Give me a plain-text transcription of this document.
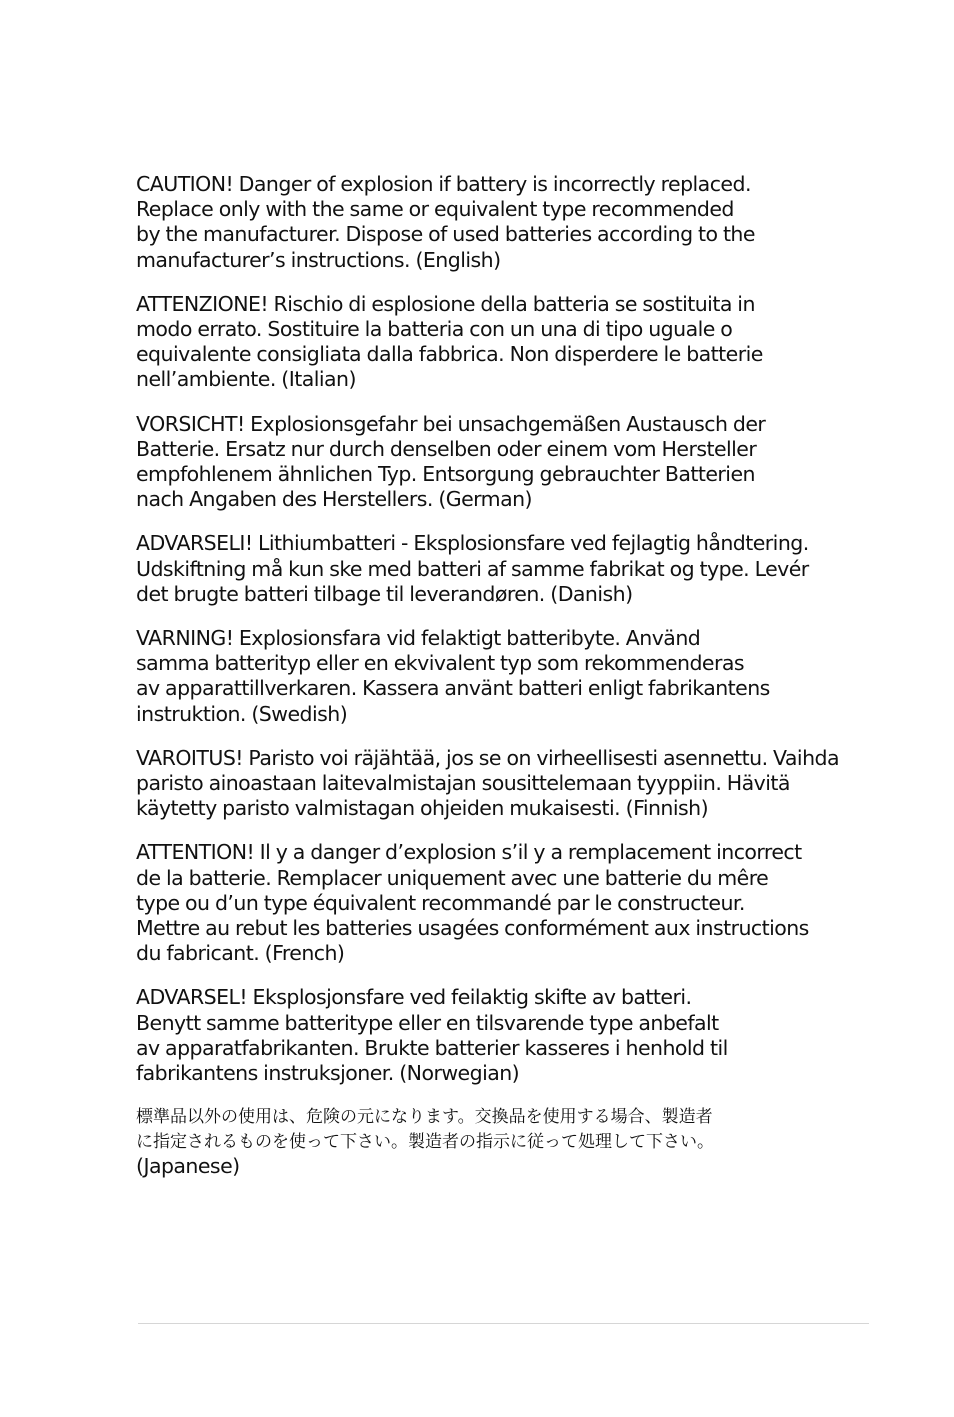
CAUTION! Danger of explosion if battery is incorrectly replaced.
Replace only with the same or equivalent type recommended
by the manufacturer. Dispose of used batteries according to the
manufacturer’s instructions. (English)

ATTENZIONE! Rischio di esplosione della batteria se sostituita in
modo errato. Sostituire la batteria con un una di tipo uguale o
equivalente consigliata dalla fabbrica. Non disperdere le batterie
nell’ambiente. (Italian)

VORSICHT! Explosionsgefahr bei unsachgemäßen Austausch der
Batterie. Ersatz nur durch denselben oder einem vom Hersteller
empfohlenem ähnlichen Typ. Entsorgung gebrauchter Batterien
nach Angaben des Herstellers. (German)

ADVARSELI! Lithiumbatteri - Eksplosionsfare ved fejlagtig håndtering.
Udskiftning må kun ske med batteri af samme fabrikat og type. Levér
det brugte batteri tilbage til leverandøren. (Danish)

VARNING! Explosionsfara vid felaktigt batteribyte. Använd
samma batterityp eller en ekvivalent typ som rekommenderas
av apparattillverkaren. Kassera använt batteri enligt fabrikantens
instruktion. (Swedish)

VAROITUS! Paristo voi räjähtää, jos se on virheellisesti asennettu. Vaihda
paristo ainoastaan laitevalmistajan sousittelemaan tyyppiin. Hävitä
käytetty paristo valmistagan ohjeiden mukaisesti. (Finnish)

ATTENTION! Il y a danger d’explosion s’il y a remplacement incorrect
de la batterie. Remplacer uniquement avec une batterie du mêre
type ou d’un type équivalent recommandé par le constructeur.
Mettre au rebut les batteries usagées conformément aux instructions
du fabricant. (French)

ADVARSEL! Eksplosjonsfare ved feilaktig skifte av batteri.
Benytt samme batteritype eller en tilsvarende type anbefalt
av apparatfabrikanten. Brukte batterier kasseres i henhold til
fabrikantens instruksjoner. (Norwegian)

標準品以外の使用は、危険の元になります。交換品を使用する場合、製造者
に指定されるものを使って下さい。製造者の指示に従って処理して下さい。
(Japanese)
